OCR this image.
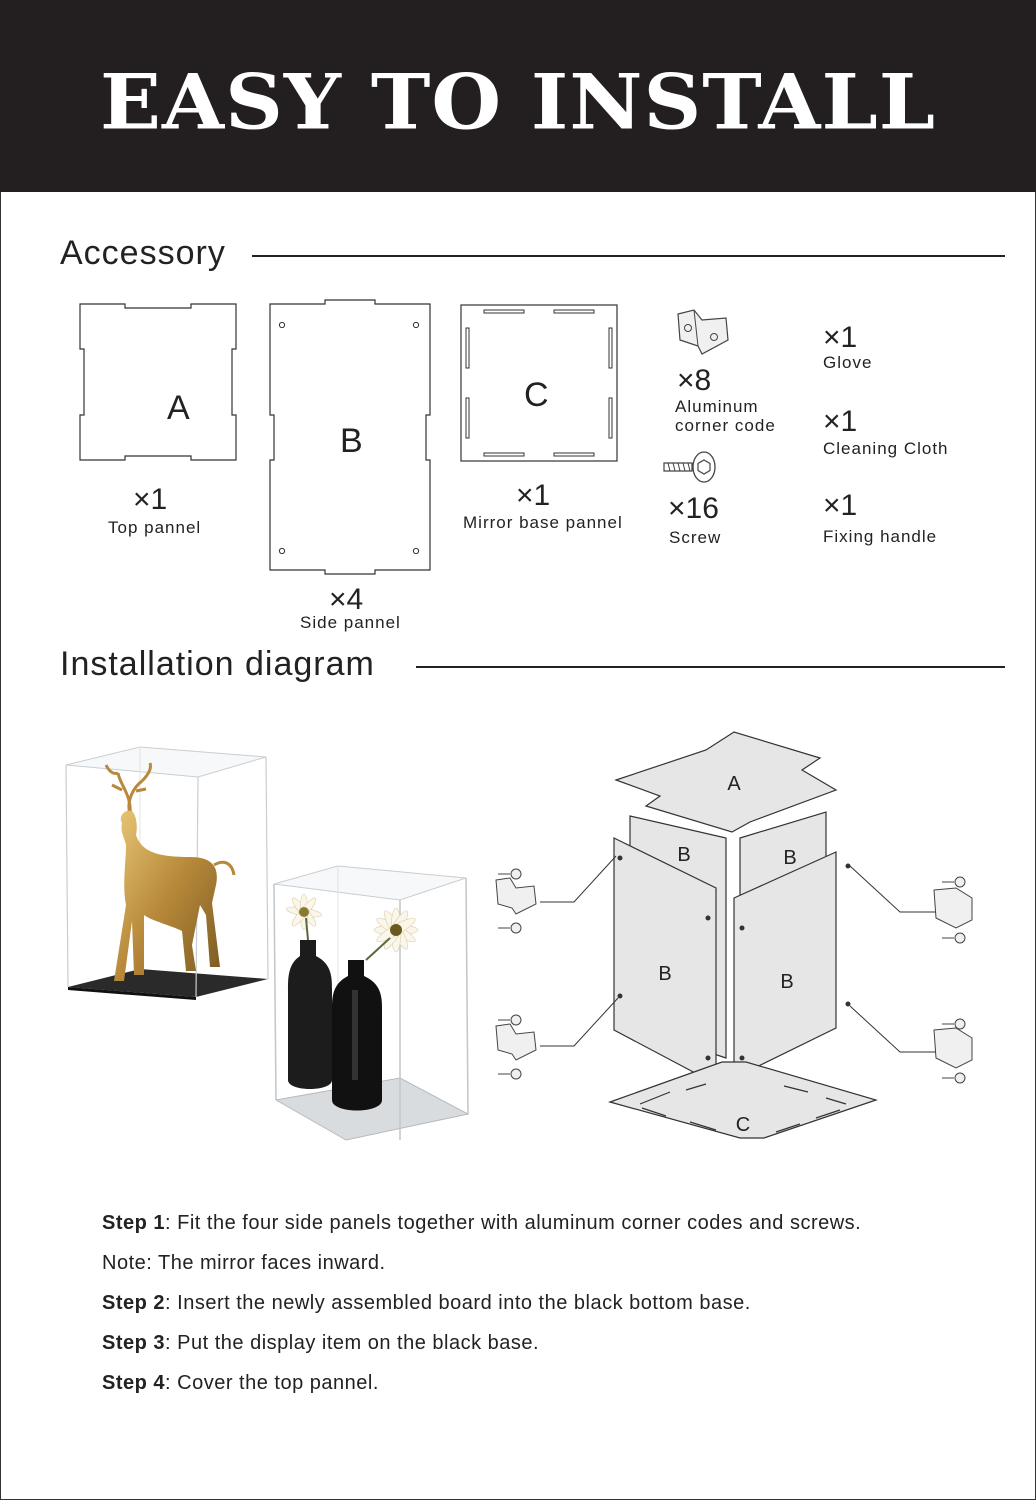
EASY TO INSTALL
Accessory
A
×1
Top pannel
B
×4
Side pannel
C
×1
Mirror base pannel
×8
Aluminum
corner code
×16
Screw
×1
Glove
×1
Cleaning Cloth
×1
Fixing handle
Installation diagram
A
B	B
B	B
C
Step 1: Fit the four side panels together with aluminum corner codes and screws.
Note: The mirror faces inward.
Step 2: Insert the newly assembled board into the black bottom base.
Step 3: Put the display item on the black base.
Step 4: Cover the top pannel.
